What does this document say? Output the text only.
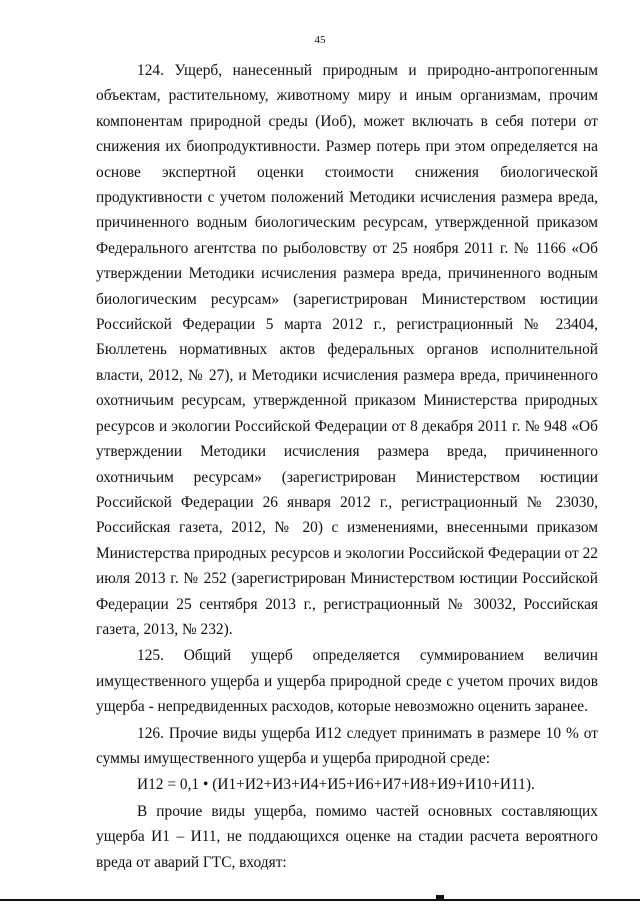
45

124. Ущерб, нанесенный природным и природно-антропогенным объектам, растительному, животному миру и иным организмам, прочим компонентам природной среды (Иоб), может включать в себя потери от снижения их биопродуктивности. Размер потерь при этом определяется на основе экспертной оценки стоимости снижения биологической продуктивности с учетом положений Методики исчисления размера вреда, причиненного водным биологическим ресурсам, утвержденной приказом Федерального агентства по рыболовству от 25 ноября 2011 г. № 1166 «Об утверждении Методики исчисления размера вреда, причиненного водным биологическим ресурсам» (зарегистрирован Министерством юстиции Российской Федерации 5 марта 2012 г., регистрационный № 23404, Бюллетень нормативных актов федеральных органов исполнительной власти, 2012, № 27), и Методики исчисления размера вреда, причиненного охотничьим ресурсам, утвержденной приказом Министерства природных ресурсов и экологии Российской Федерации от 8 декабря 2011 г. № 948 «Об утверждении Методики исчисления размера вреда, причиненного охотничьим ресурсам» (зарегистрирован Министерством юстиции Российской Федерации 26 января 2012 г., регистрационный № 23030, Российская газета, 2012, № 20) с изменениями, внесенными приказом Министерства природных ресурсов и экологии Российской Федерации от 22 июля 2013 г. № 252 (зарегистрирован Министерством юстиции Российской Федерации 25 сентября 2013 г., регистрационный № 30032, Российская газета, 2013, № 232).

125. Общий ущерб определяется суммированием величин имущественного ущерба и ущерба природной среде с учетом прочих видов ущерба - непредвиденных расходов, которые невозможно оценить заранее.

126. Прочие виды ущерба И12 следует принимать в размере 10 % от суммы имущественного ущерба и ущерба природной среде:

И12 = 0,1 • (И1+И2+И3+И4+И5+И6+И7+И8+И9+И10+И11).

В прочие виды ущерба, помимо частей основных составляющих ущерба И1 – И11, не поддающихся оценке на стадии расчета вероятного вреда от аварий ГТС, входят:
